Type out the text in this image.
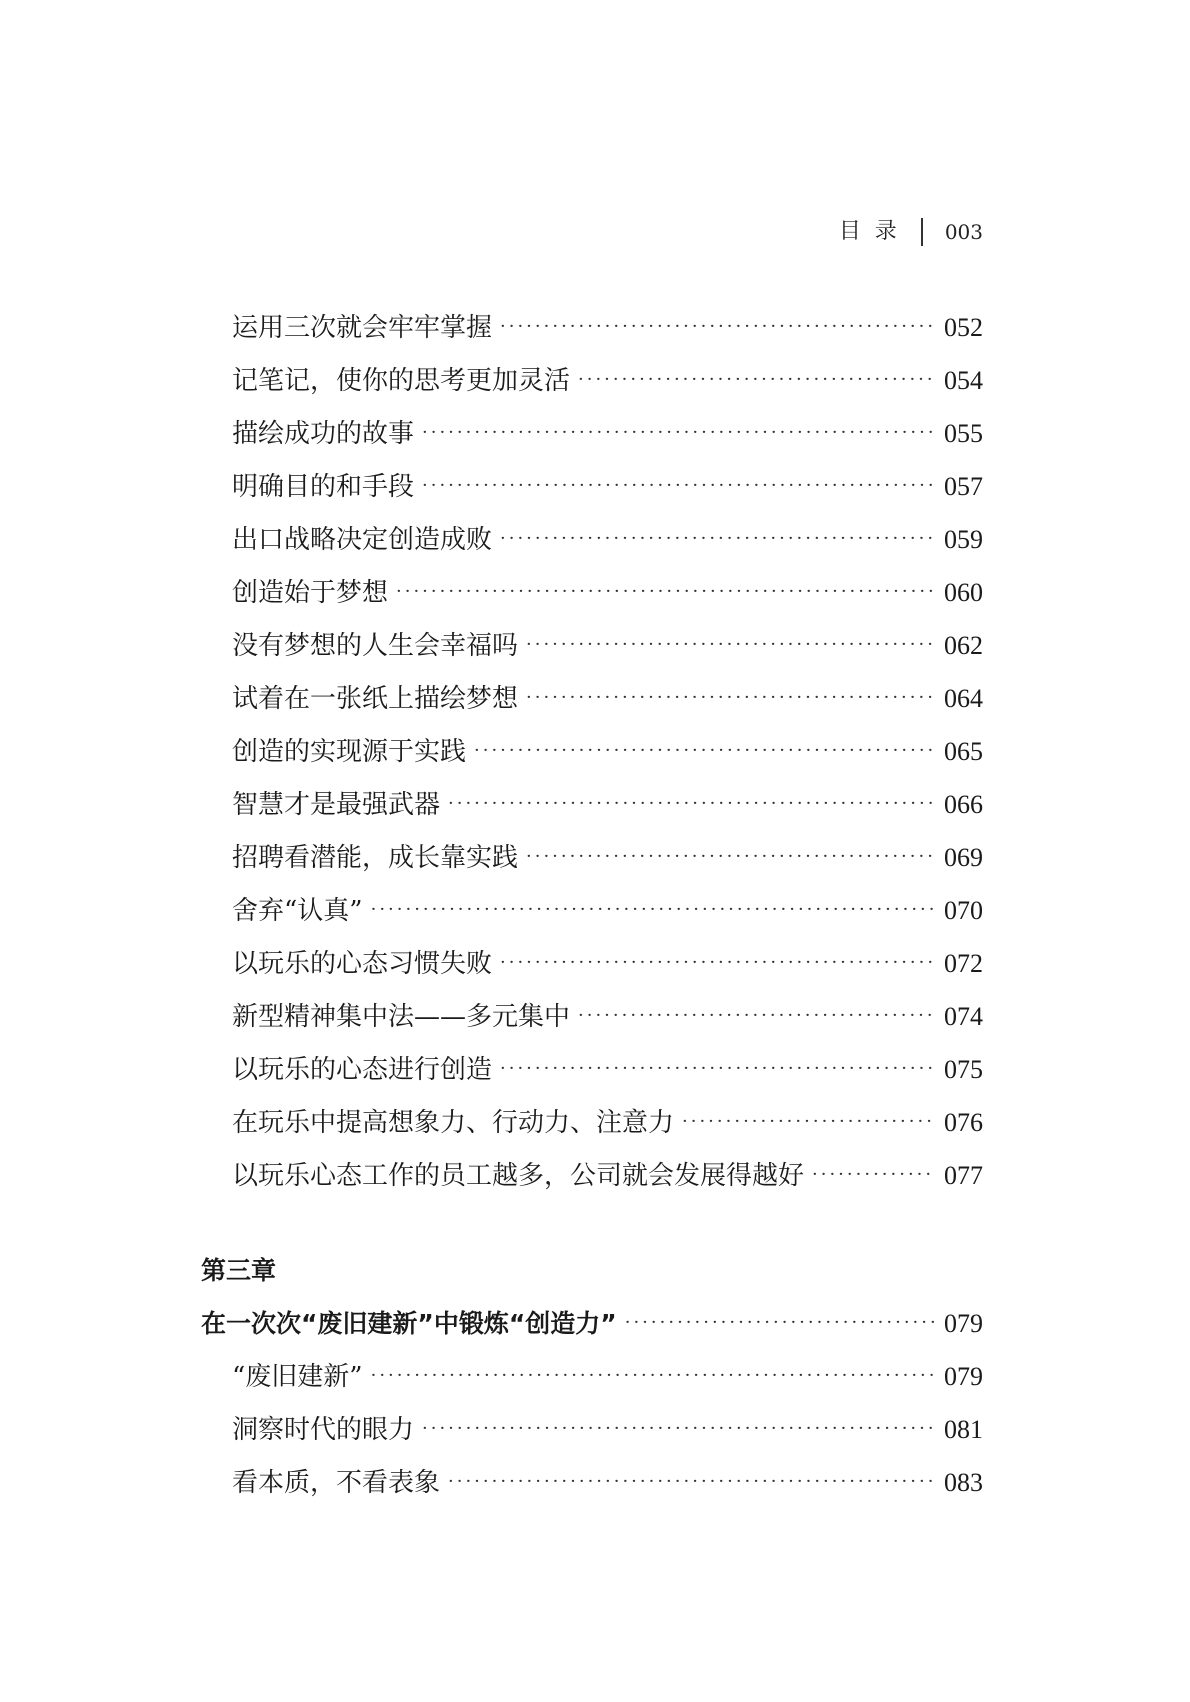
目  录 003
运用三次就会牢牢掌握 ·····	052
记笔记，使你的思考更加灵活 ·····	054
描绘成功的故事 ·····	055
明确目的和手段 ·····	057
出口战略决定创造成败 ·····	059
创造始于梦想 ·····	060
没有梦想的人生会幸福吗 ·····	062
试着在一张纸上描绘梦想 ·····	064
创造的实现源于实践 ·····	065
智慧才是最强武器 ·····	066
招聘看潜能，成长靠实践 ·····	069
舍弃“认真” ·····	070
以玩乐的心态习惯失败 ·····	072
新型精神集中法——多元集中 ·····	074
以玩乐的心态进行创造 ·····	075
在玩乐中提高想象力、行动力、注意力 ·····	076
以玩乐心态工作的员工越多，公司就会发展得越好 ·····	077
第三章
在一次次“废旧建新”中锻炼“创造力” ·····	079
“废旧建新” ·····	079
洞察时代的眼力 ·····	081
看本质，不看表象 ·····	083
